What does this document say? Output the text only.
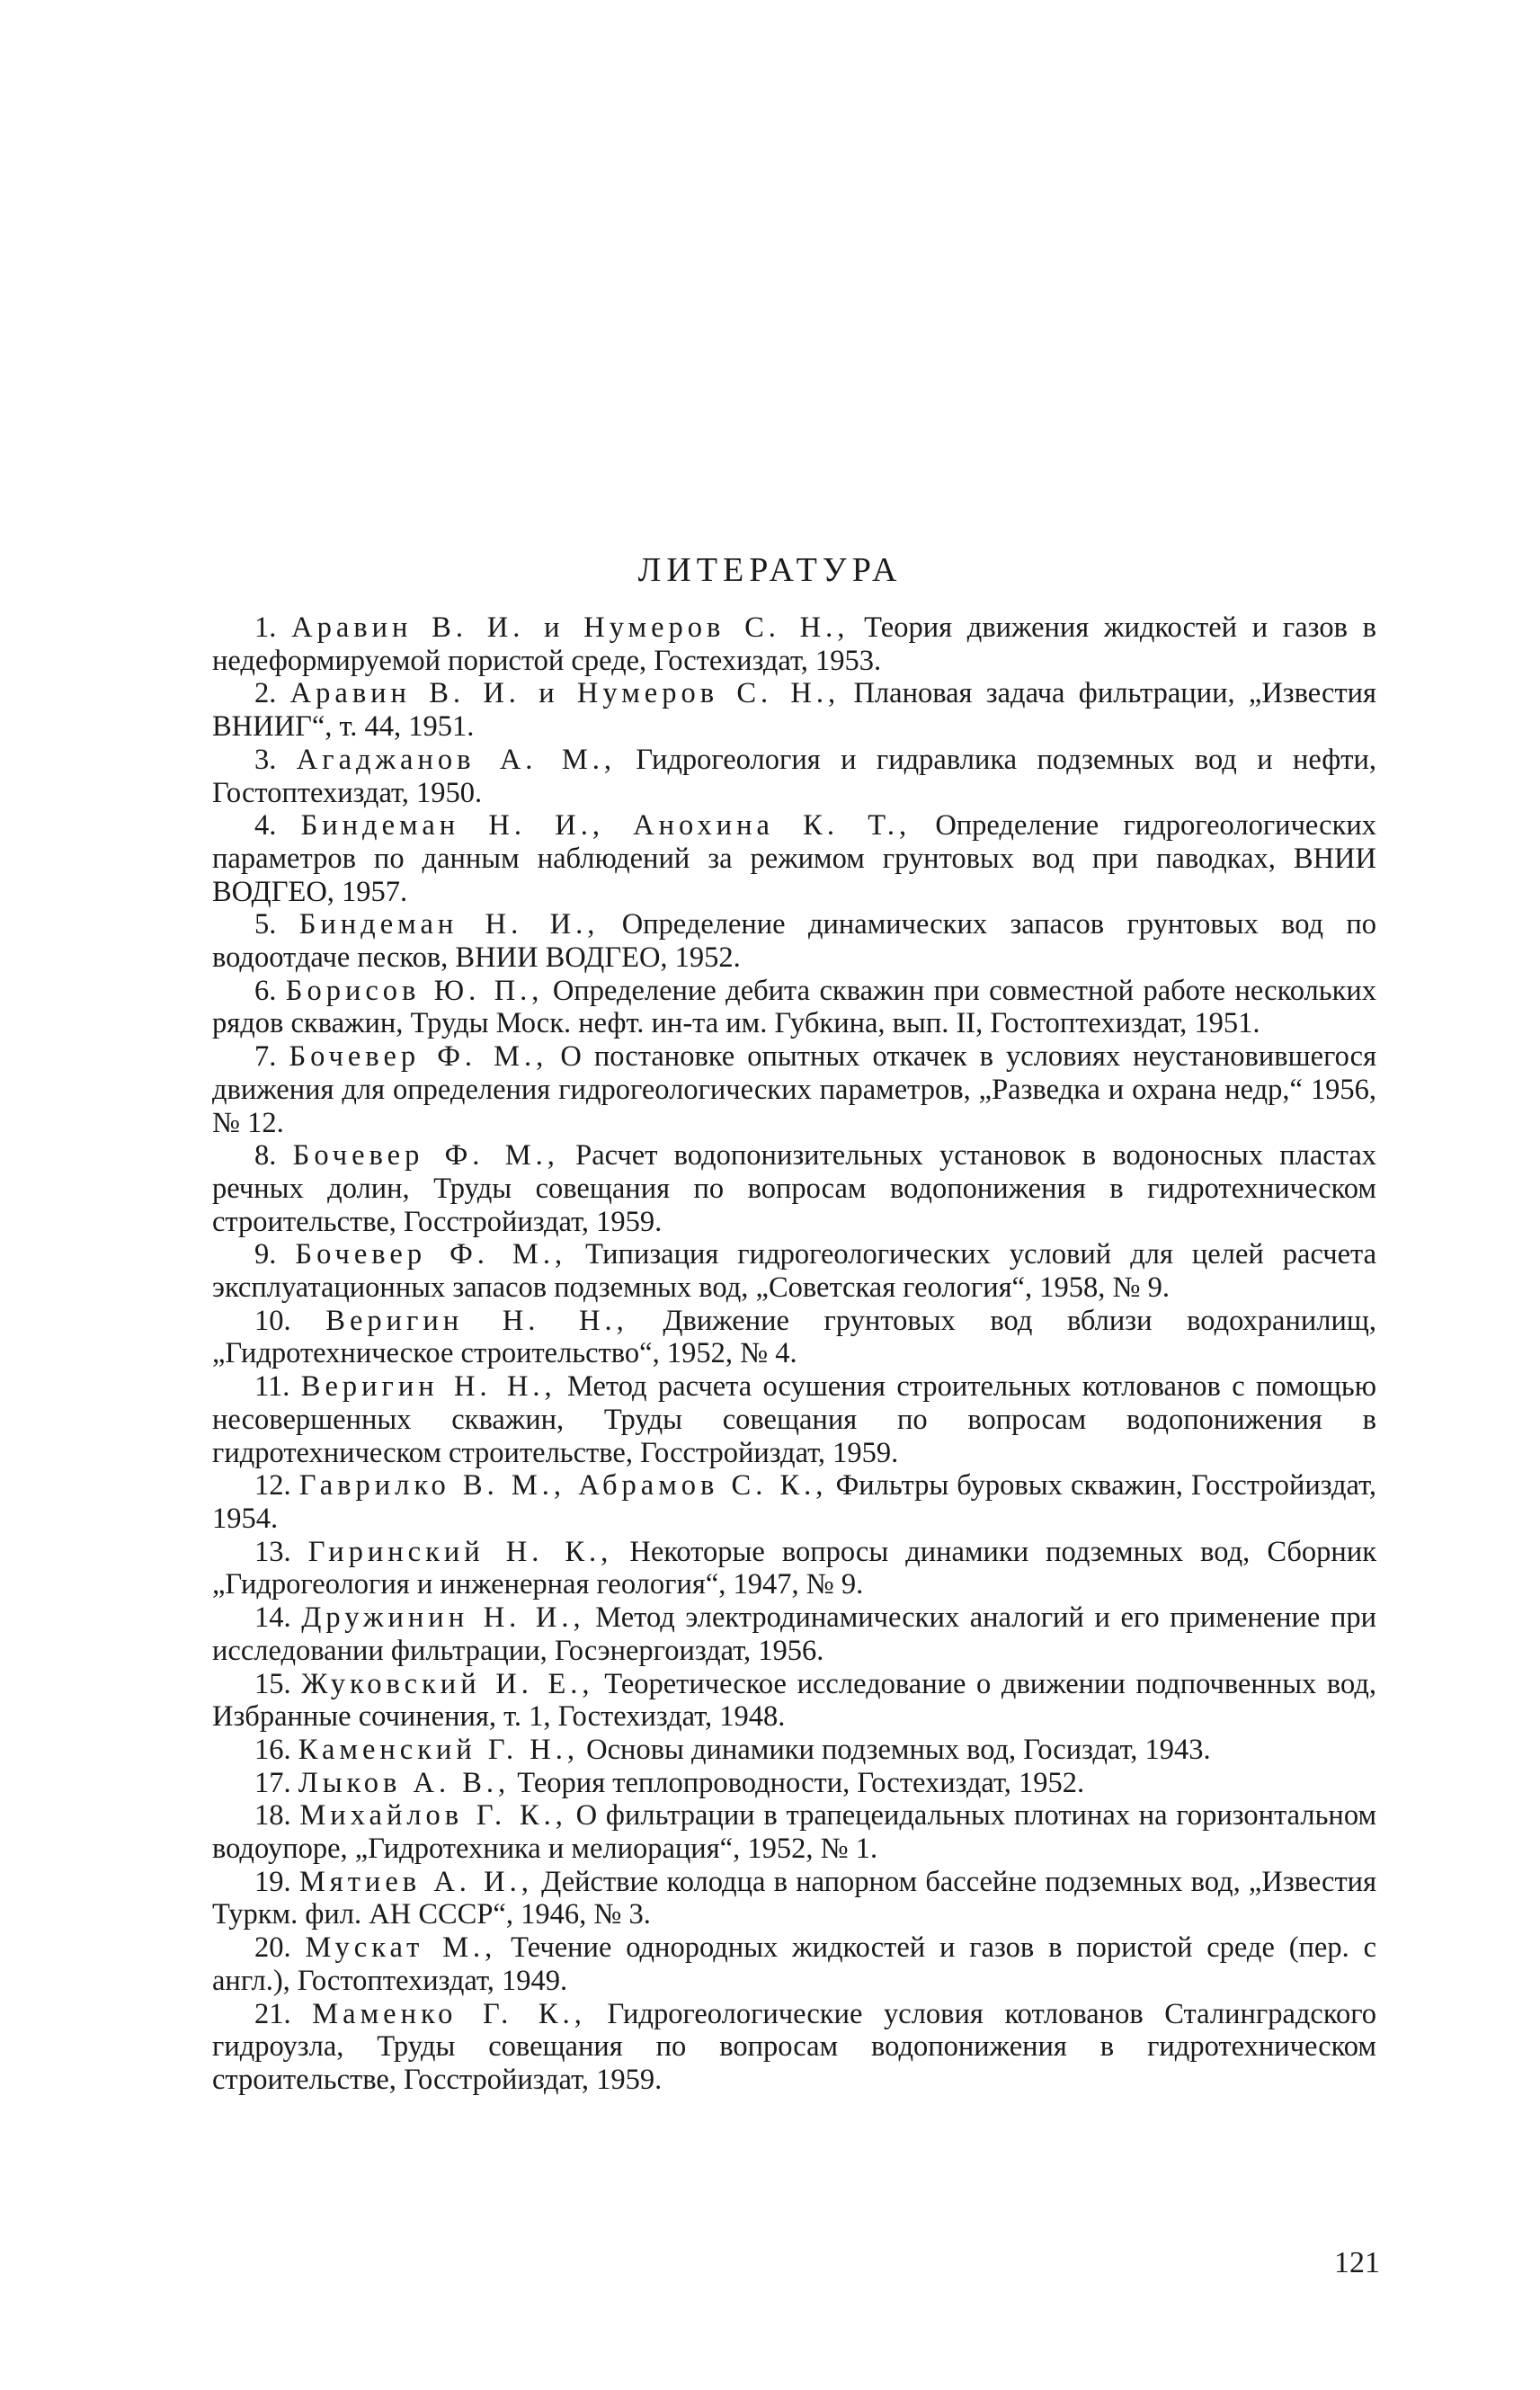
ЛИТЕРАТУРА
1. Аравин В. И. и Нумеров С. Н., Теория движения жидкостей и газов в недеформируемой пористой среде, Гостехиздат, 1953.
2. Аравин В. И. и Нумеров С. Н., Плановая задача фильтрации, „Известия ВНИИГ“, т. 44, 1951.
3. Агаджанов А. М., Гидрогеология и гидравлика подземных вод и нефти, Гостоптехиздат, 1950.
4. Биндеман Н. И., Анохина К. Т., Определение гидрогеологических параметров по данным наблюдений за режимом грунтовых вод при паводках, ВНИИ ВОДГЕО, 1957.
5. Биндеман Н. И., Определение динамических запасов грунтовых вод по водоотдаче песков, ВНИИ ВОДГЕО, 1952.
6. Борисов Ю. П., Определение дебита скважин при совместной работе нескольких рядов скважин, Труды Моск. нефт. ин-та им. Губкина, вып. II, Гостоптехиздат, 1951.
7. Бочевер Ф. М., О постановке опытных откачек в условиях неустановившегося движения для определения гидрогеологических параметров, „Разведка и охрана недр,“ 1956, № 12.
8. Бочевер Ф. М., Расчет водопонизительных установок в водоносных пластах речных долин, Труды совещания по вопросам водопонижения в гидротехническом строительстве, Госстройиздат, 1959.
9. Бочевер Ф. М., Типизация гидрогеологических условий для целей расчета эксплуатационных запасов подземных вод, „Советская геология“, 1958, № 9.
10. Веригин Н. Н., Движение грунтовых вод вблизи водохранилищ, „Гидротехническое строительство“, 1952, № 4.
11. Веригин Н. Н., Метод расчета осушения строительных котлованов с помощью несовершенных скважин, Труды совещания по вопросам водопонижения в гидротехническом строительстве, Госстройиздат, 1959.
12. Гаврилко В. М., Абрамов С. К., Фильтры буровых скважин, Госстройиздат, 1954.
13. Гиринский Н. К., Некоторые вопросы динамики подземных вод, Сборник „Гидрогеология и инженерная геология“, 1947, № 9.
14. Дружинин Н. И., Метод электродинамических аналогий и его применение при исследовании фильтрации, Госэнергоиздат, 1956.
15. Жуковский И. Е., Теоретическое исследование о движении подпочвенных вод, Избранные сочинения, т. 1, Гостехиздат, 1948.
16. Каменский Г. Н., Основы динамики подземных вод, Госиздат, 1943.
17. Лыков А. В., Теория теплопроводности, Гостехиздат, 1952.
18. Михайлов Г. К., О фильтрации в трапецеидальных плотинах на горизонтальном водоупоре, „Гидротехника и мелиорация“, 1952, № 1.
19. Мятиев А. И., Действие колодца в напорном бассейне подземных вод, „Известия Туркм. фил. АН СССР“, 1946, № 3.
20. Мускат М., Течение однородных жидкостей и газов в пористой среде (пер. с англ.), Гостоптехиздат, 1949.
21. Маменко Г. К., Гидрогеологические условия котлованов Сталинградского гидроузла, Труды совещания по вопросам водопонижения в гидротехническом строительстве, Госстройиздат, 1959.
121
